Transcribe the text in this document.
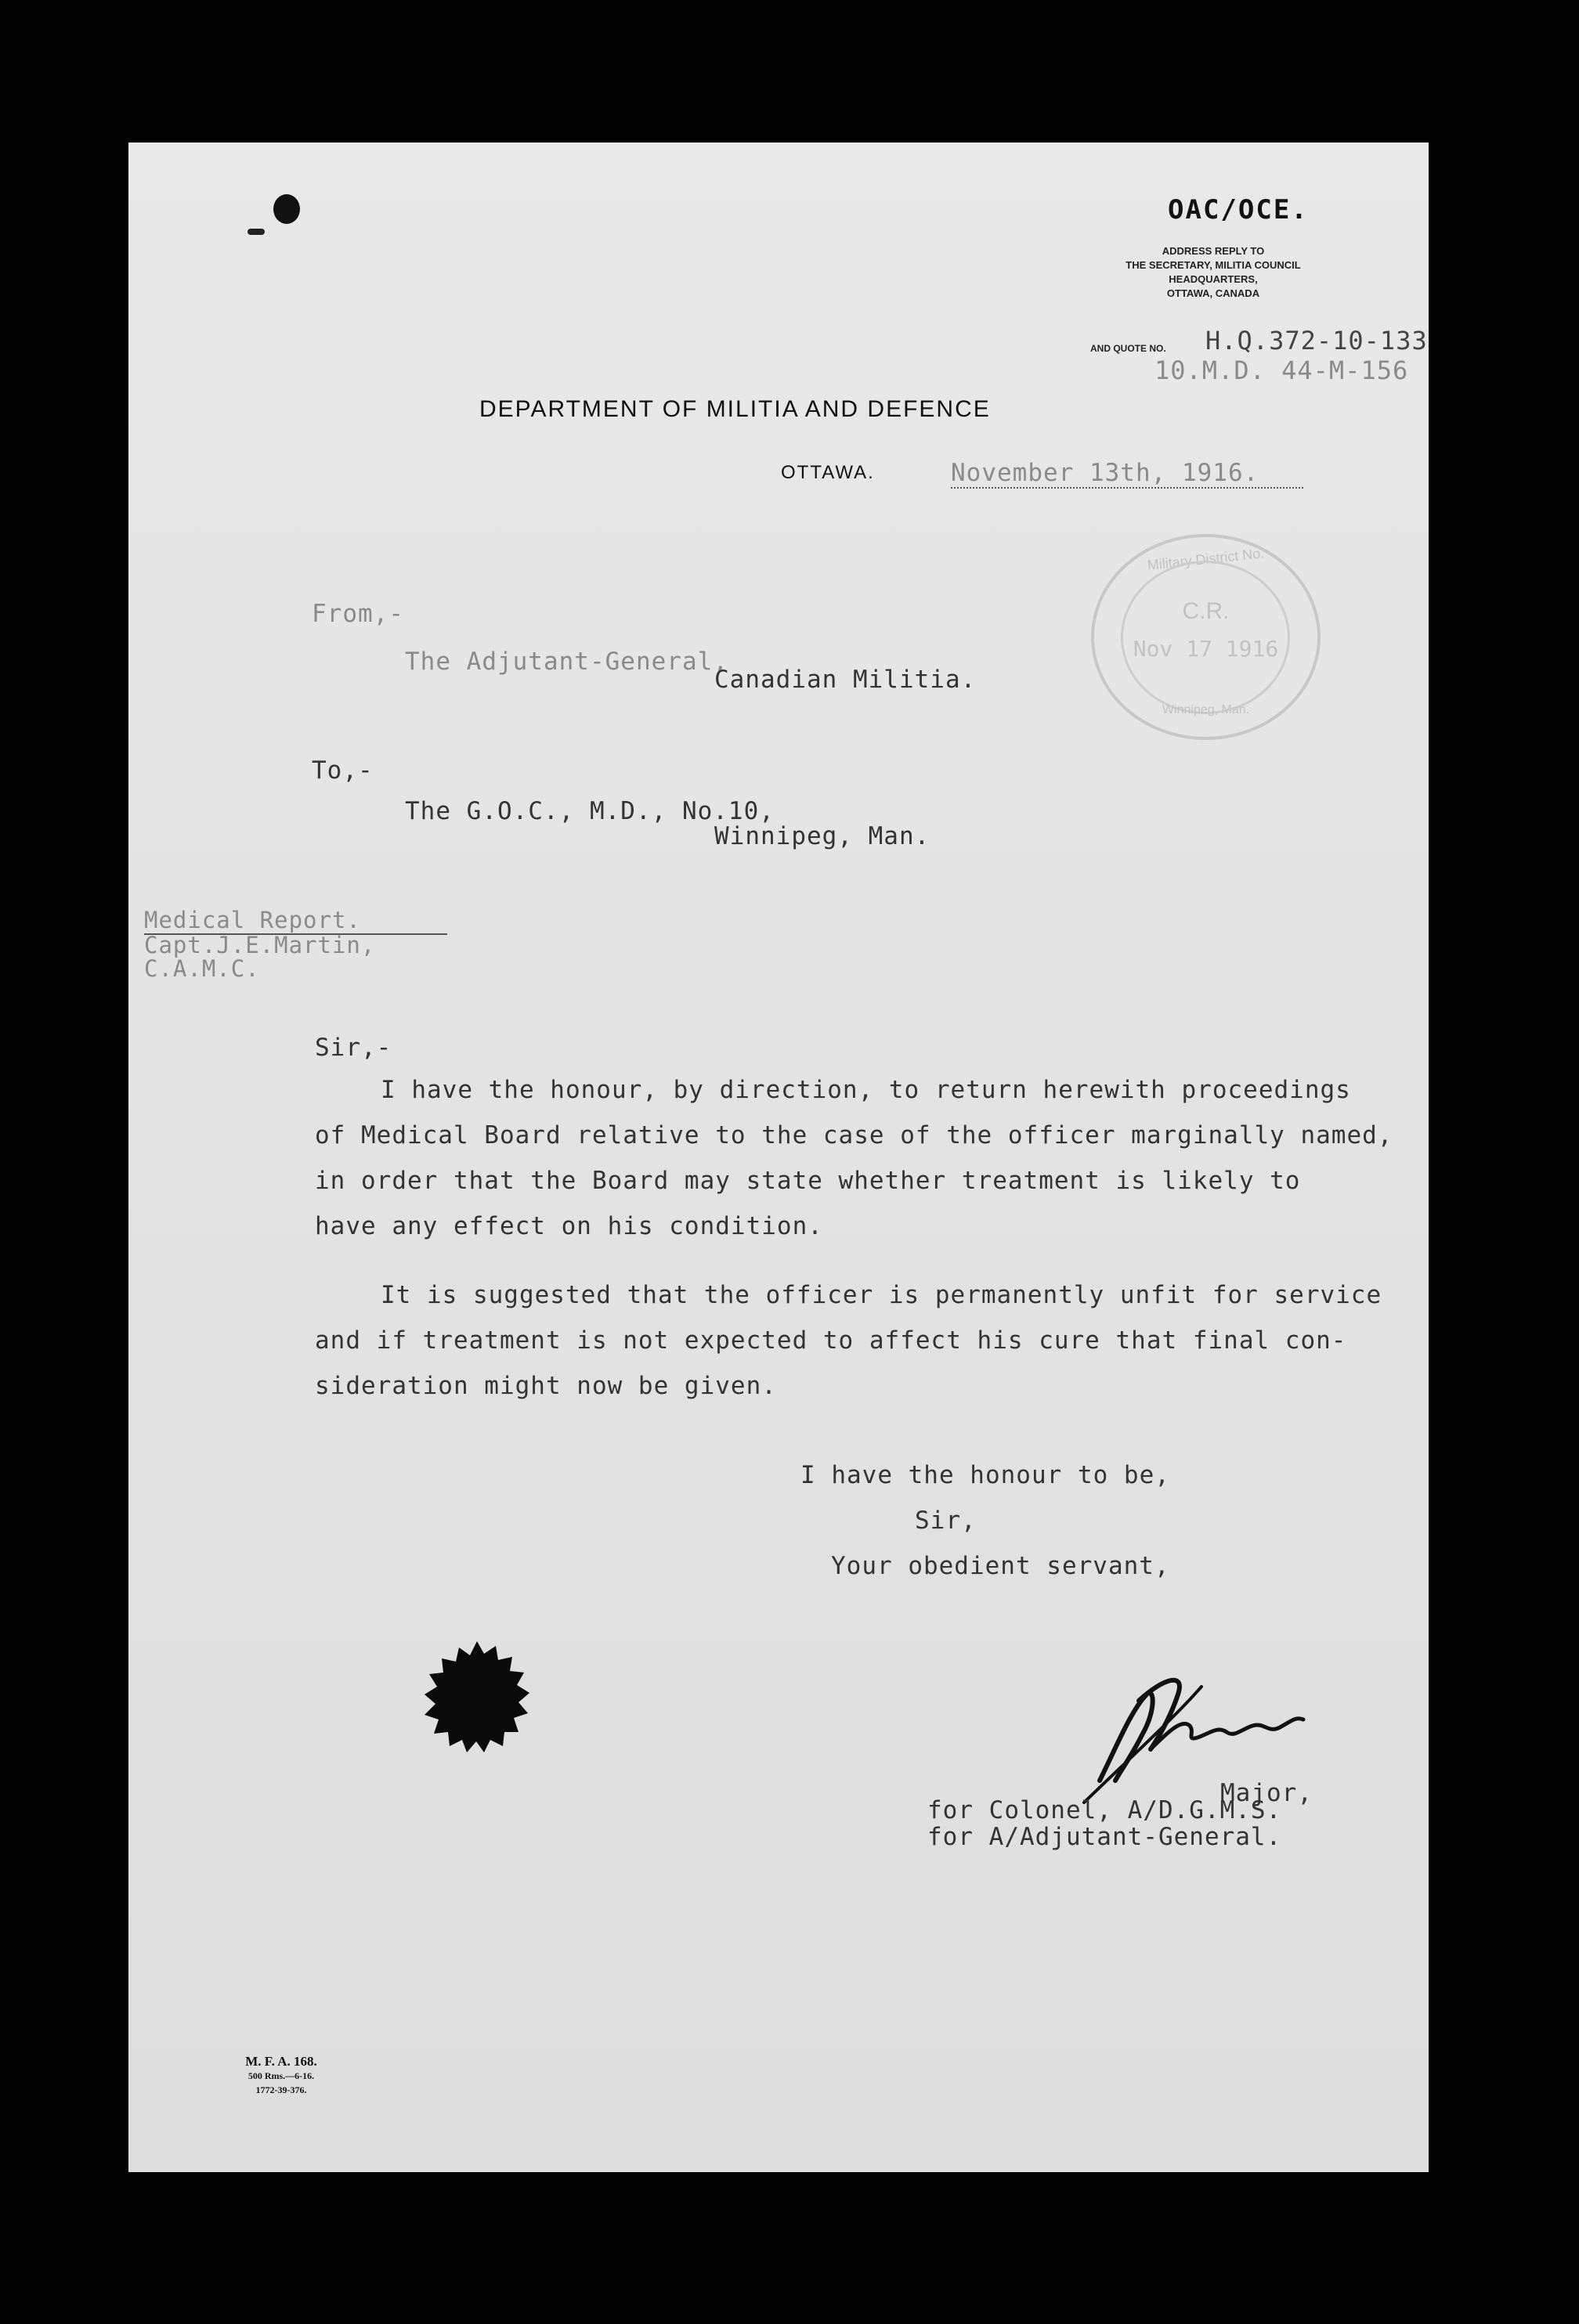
OAC/OCE.
ADDRESS REPLY TO
THE SECRETARY, MILITIA COUNCIL
HEADQUARTERS,
OTTAWA, CANADA
AND QUOTE NO. H.Q.372-10-133
10.M.D. 44-M-156
DEPARTMENT OF MILITIA AND DEFENCE
OTTAWA.	November 13th, 1916.
Military District No.
C.R.
Nov 17 1916
Winnipeg, Man.
From,-
The Adjutant-General,
Canadian Militia.
To,-
The G.O.C., M.D., No.10,
Winnipeg, Man.
Medical Report.
Capt.J.E.Martin,
C.A.M.C.
Sir,-
I have the honour, by direction, to return herewith proceedings
of Medical Board relative to the case of the officer marginally named,
in order that the Board may state whether treatment is likely to
have any effect on his condition.
It is suggested that the officer is permanently unfit for service
and if treatment is not expected to affect his cure that final con-
sideration might now be given.
I have the honour to be,
Sir,
Your obedient servant,
Major,
for Colonel, A/D.G.M.S.
for A/Adjutant-General.
M. F. A. 168.
500 Rms.—6-16.
1772-39-376.
